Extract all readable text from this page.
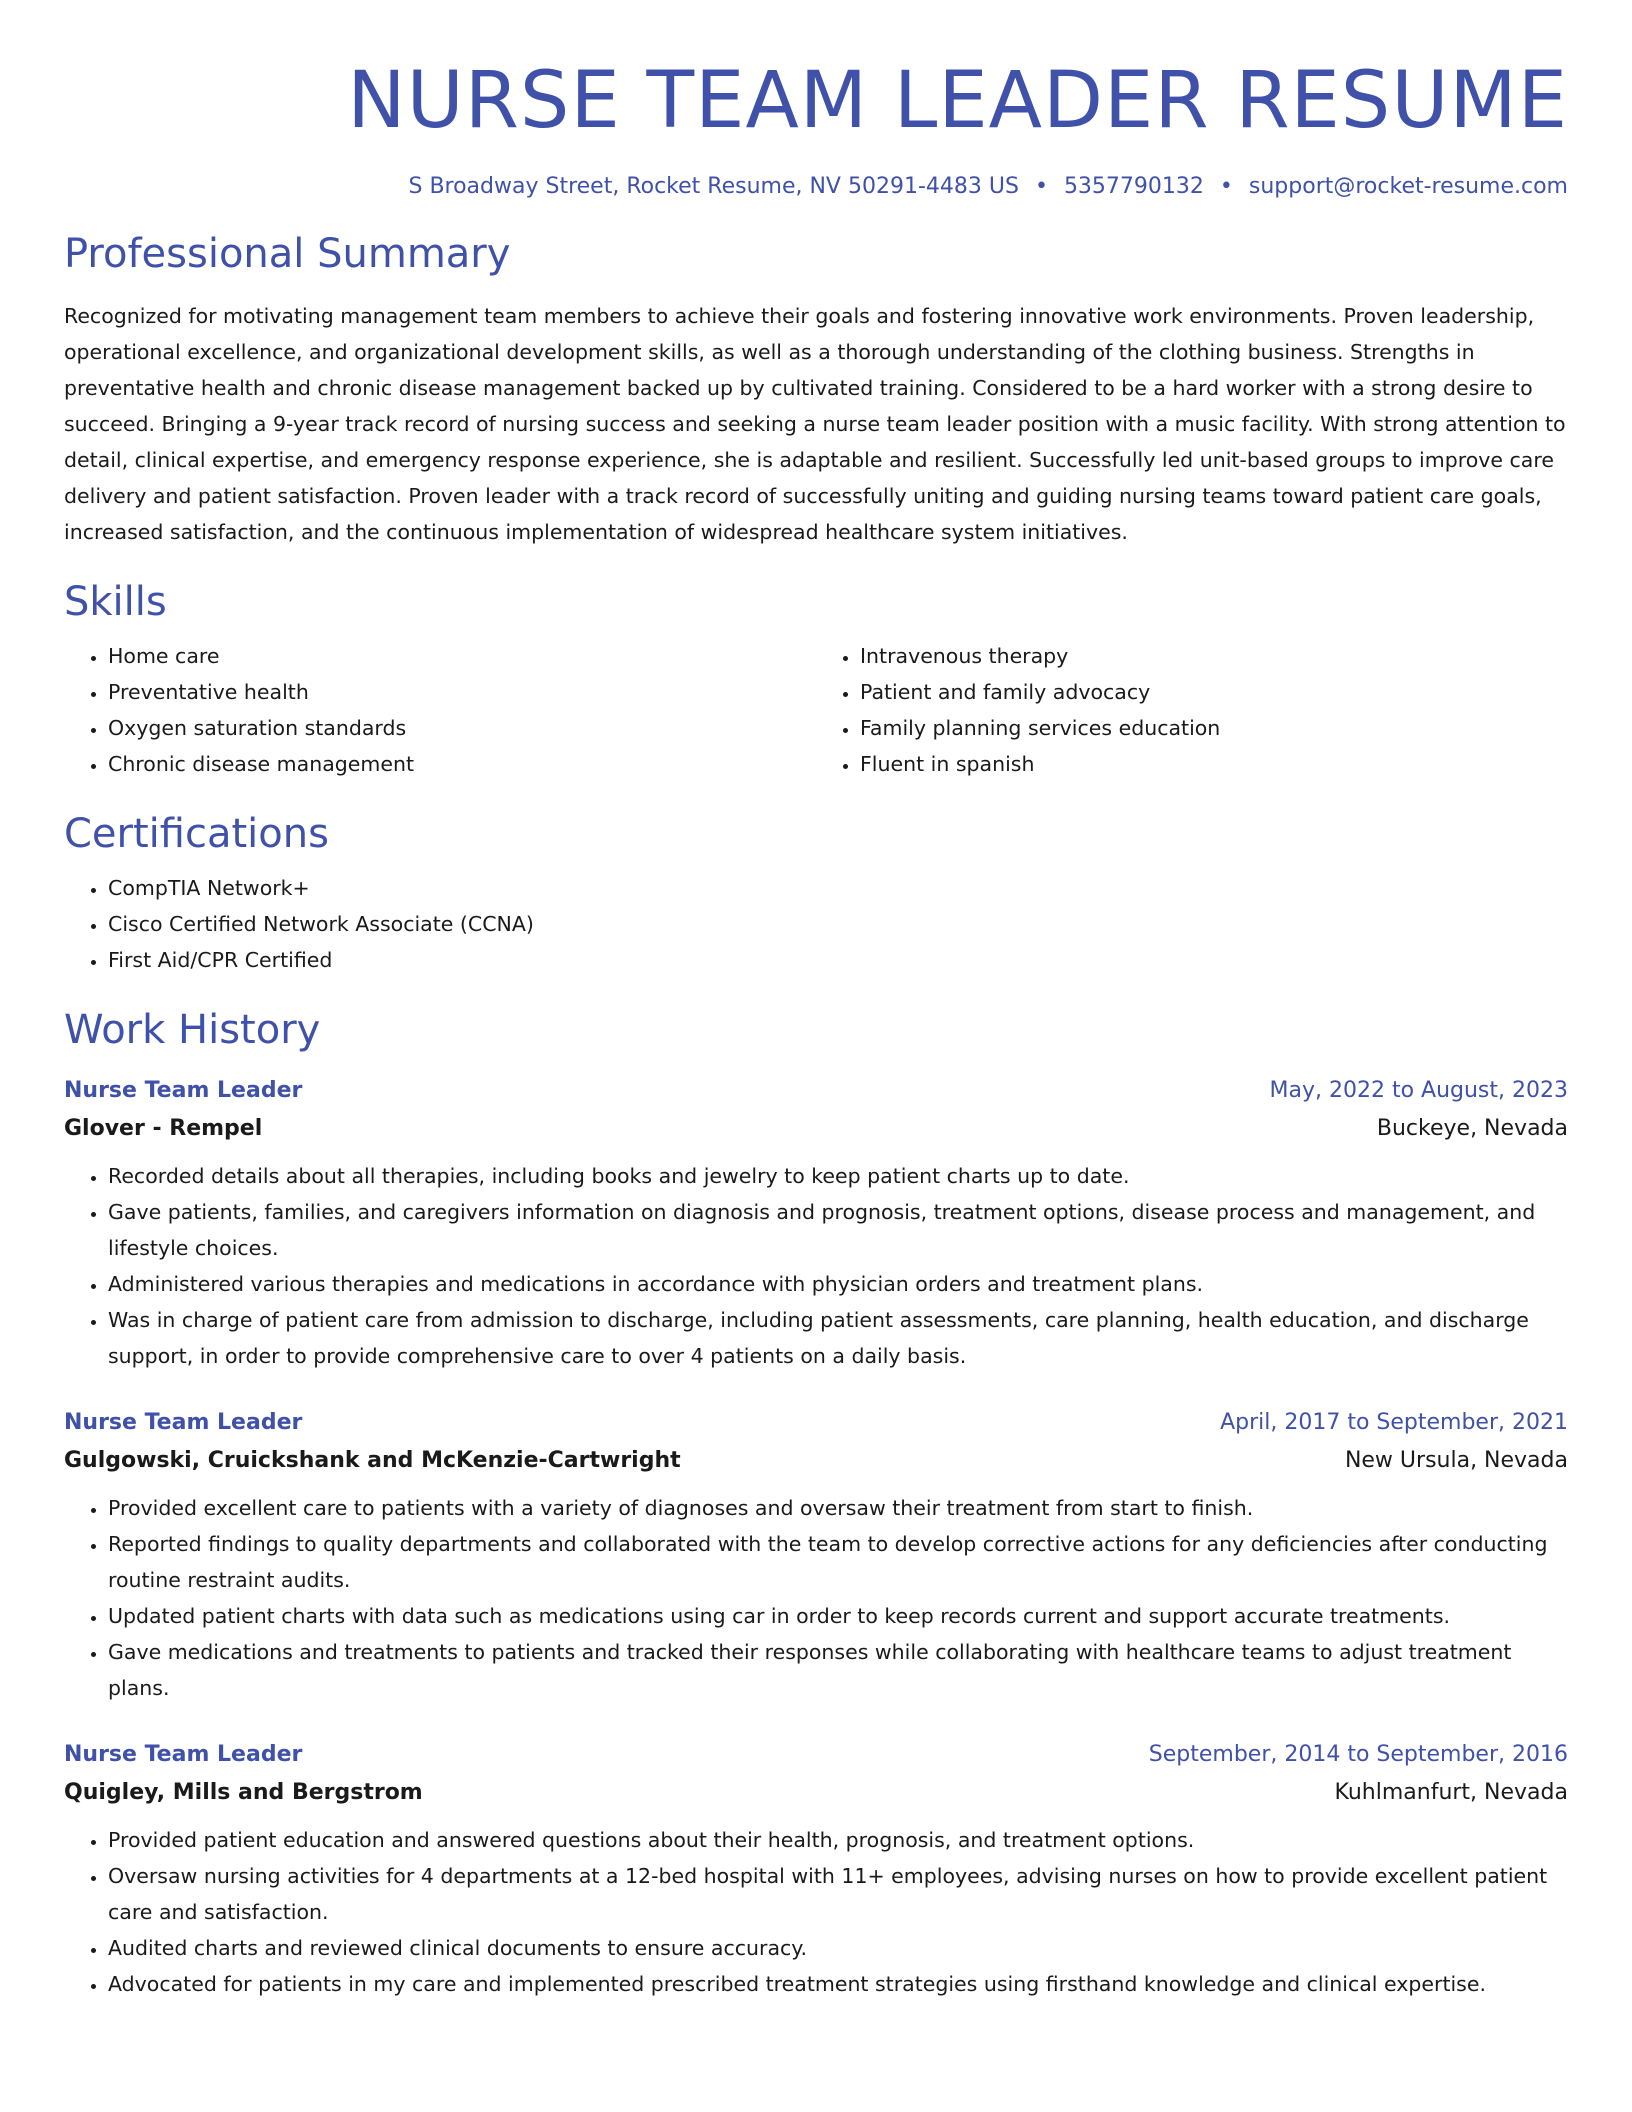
NURSE TEAM LEADER RESUME
S Broadway Street, Rocket Resume, NV 50291-4483 US • 5357790132 • support@rocket-resume.com
Professional Summary

Recognized for motivating management team members to achieve their goals and fostering innovative work environments. Proven leadership, operational excellence, and organizational development skills, as well as a thorough understanding of the clothing business. Strengths in preventative health and chronic disease management backed up by cultivated training. Considered to be a hard worker with a strong desire to succeed. Bringing a 9-year track record of nursing success and seeking a nurse team leader position with a music facility. With strong attention to detail, clinical expertise, and emergency response experience, she is adaptable and resilient. Successfully led unit-based groups to improve care delivery and patient satisfaction. Proven leader with a track record of successfully uniting and guiding nursing teams toward patient care goals, increased satisfaction, and the continuous implementation of widespread healthcare system initiatives.

Skills
• Home care
• Preventative health
• Oxygen saturation standards
• Chronic disease management
• Intravenous therapy
• Patient and family advocacy
• Family planning services education
• Fluent in spanish
Certifications
• CompTIA Network+
• Cisco Certified Network Associate (CCNA)
• First Aid/CPR Certified
Work History
Nurse Team Leader	May, 2022 to August, 2023
Glover - Rempel	Buckeye, Nevada
• Recorded details about all therapies, including books and jewelry to keep patient charts up to date.
• Gave patients, families, and caregivers information on diagnosis and prognosis, treatment options, disease process and management, and lifestyle choices.
• Administered various therapies and medications in accordance with physician orders and treatment plans.
• Was in charge of patient care from admission to discharge, including patient assessments, care planning, health education, and discharge support, in order to provide comprehensive care to over 4 patients on a daily basis.
Nurse Team Leader	April, 2017 to September, 2021
Gulgowski, Cruickshank and McKenzie-Cartwright	New Ursula, Nevada
• Provided excellent care to patients with a variety of diagnoses and oversaw their treatment from start to finish.
• Reported findings to quality departments and collaborated with the team to develop corrective actions for any deficiencies after conducting routine restraint audits.
• Updated patient charts with data such as medications using car in order to keep records current and support accurate treatments.
• Gave medications and treatments to patients and tracked their responses while collaborating with healthcare teams to adjust treatment plans.
Nurse Team Leader	September, 2014 to September, 2016
Quigley, Mills and Bergstrom	Kuhlmanfurt, Nevada
• Provided patient education and answered questions about their health, prognosis, and treatment options.
• Oversaw nursing activities for 4 departments at a 12-bed hospital with 11+ employees, advising nurses on how to provide excellent patient care and satisfaction.
• Audited charts and reviewed clinical documents to ensure accuracy.
• Advocated for patients in my care and implemented prescribed treatment strategies using firsthand knowledge and clinical expertise.
